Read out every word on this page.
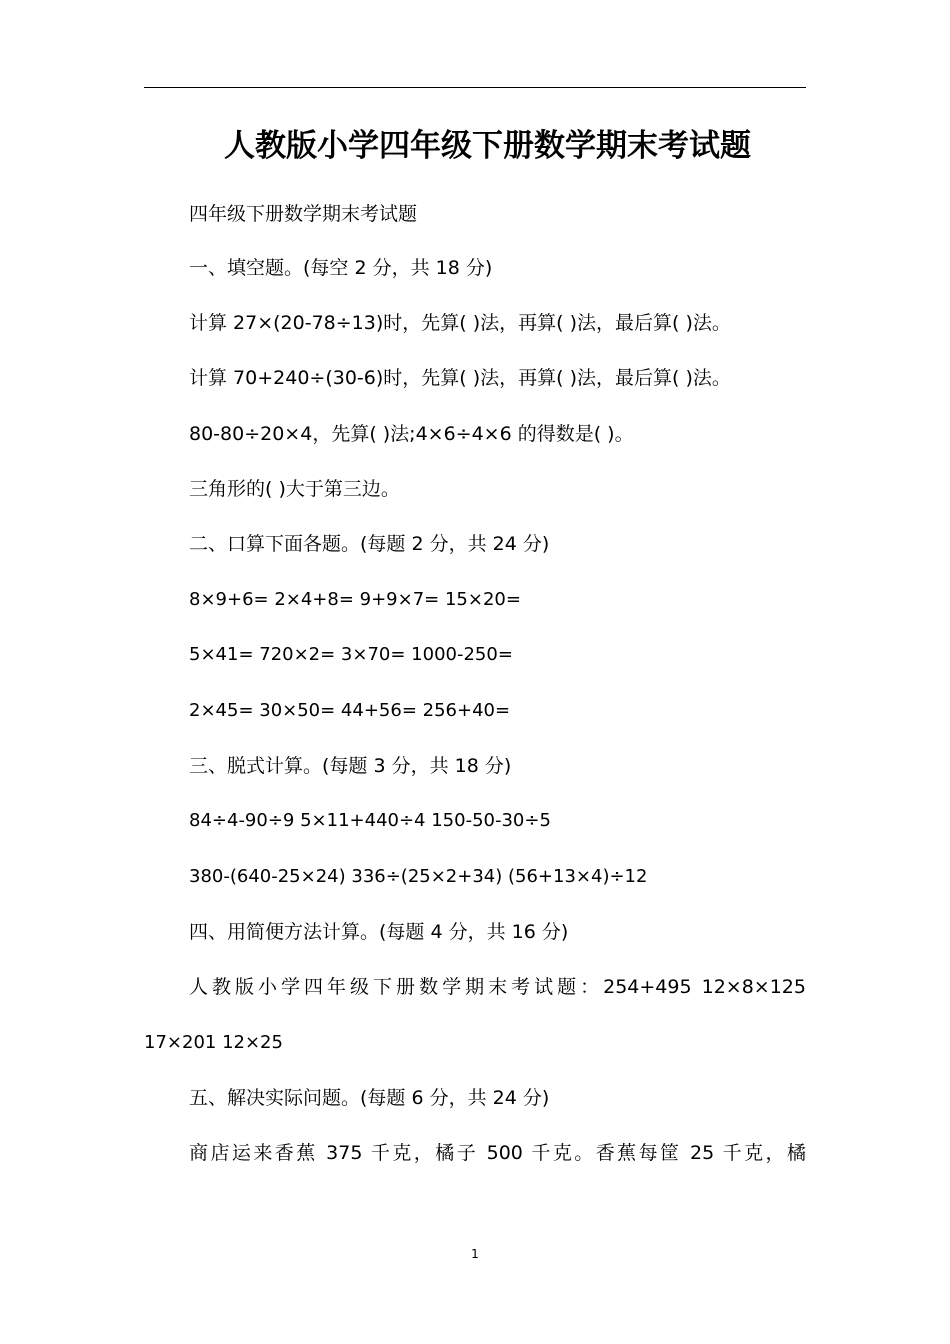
人教版小学四年级下册数学期末考试题

四年级下册数学期末考试题

一、填空题。(每空 2 分，共 18 分)

计算 27×(20-78÷13)时，先算( )法，再算( )法，最后算( )法。

计算 70+240÷(30-6)时，先算( )法，再算( )法，最后算( )法。

80-80÷20×4，先算( )法;4×6÷4×6 的得数是( )。

三角形的( )大于第三边。

二、口算下面各题。(每题 2 分，共 24 分)

8×9+6= 2×4+8= 9+9×7= 15×20=

5×41= 720×2= 3×70= 1000-250=

2×45= 30×50= 44+56= 256+40=

三、脱式计算。(每题 3 分，共 18 分)

84÷4-90÷9 5×11+440÷4 150-50-30÷5

380-(640-25×24) 336÷(25×2+34) (56+13×4)÷12

四、用简便方法计算。(每题 4 分，共 16 分)

人教版小学四年级下册数学期末考试题：254+495 12×8×125

17×201 12×25

五、解决实际问题。(每题 6 分，共 24 分)

商店运来香蕉 375 千克，橘子 500 千克。香蕉每筐 25 千克，橘

1
